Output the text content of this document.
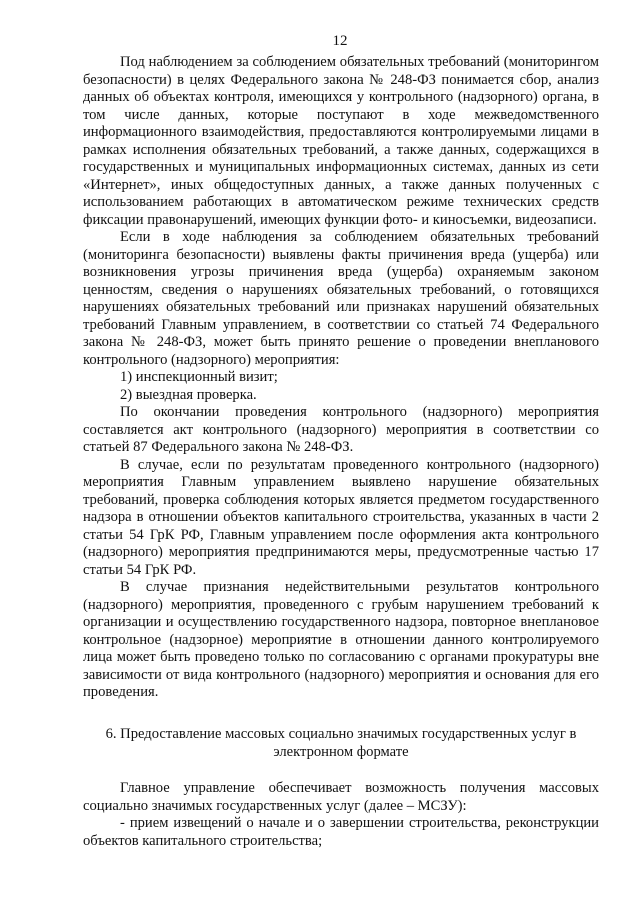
12

Под наблюдением за соблюдением обязательных требований (мониторингом безопасности) в целях Федерального закона № 248-ФЗ понимается сбор, анализ данных об объектах контроля, имеющихся у контрольного (надзорного) органа, в том числе данных, которые поступают в ходе межведомственного информационного взаимодействия, предоставляются контролируемыми лицами в рамках исполнения обязательных требований, а также данных, содержащихся в государственных и муниципальных информационных системах, данных из сети «Интернет», иных общедоступных данных, а также данных полученных с использованием работающих в автоматическом режиме технических средств фиксации правонарушений, имеющих функции фото- и киносъемки, видеозаписи.

Если в ходе наблюдения за соблюдением обязательных требований (мониторинга безопасности) выявлены факты причинения вреда (ущерба) или возникновения угрозы причинения вреда (ущерба) охраняемым законом ценностям, сведения о нарушениях обязательных требований, о готовящихся нарушениях обязательных требований или признаках нарушений обязательных требований Главным управлением, в соответствии со статьей 74 Федерального закона № 248-ФЗ, может быть принято решение о проведении внепланового контрольного (надзорного) мероприятия:

1) инспекционный визит;

2) выездная проверка.

По окончании проведения контрольного (надзорного) мероприятия составляется акт контрольного (надзорного) мероприятия в соответствии со статьей 87 Федерального закона № 248-ФЗ.

В случае, если по результатам проведенного контрольного (надзорного) мероприятия Главным управлением выявлено нарушение обязательных требований, проверка соблюдения которых является предметом государственного надзора в отношении объектов капитального строительства, указанных в части 2 статьи 54 ГрК РФ, Главным управлением после оформления акта контрольного (надзорного) мероприятия предпринимаются меры, предусмотренные частью 17 статьи 54 ГрК РФ.

В случае признания недействительными результатов контрольного (надзорного) мероприятия, проведенного с грубым нарушением требований к организации и осуществлению государственного надзора, повторное внеплановое контрольное (надзорное) мероприятие в отношении данного контролируемого лица может быть проведено только по согласованию с органами прокуратуры вне зависимости от вида контрольного (надзорного) мероприятия и основания для его проведения.

6. Предоставление массовых социально значимых государственных услуг в электронном формате

Главное управление обеспечивает возможность получения массовых социально значимых государственных услуг (далее – МСЗУ):

- прием извещений о начале и о завершении строительства, реконструкции объектов капитального строительства;
